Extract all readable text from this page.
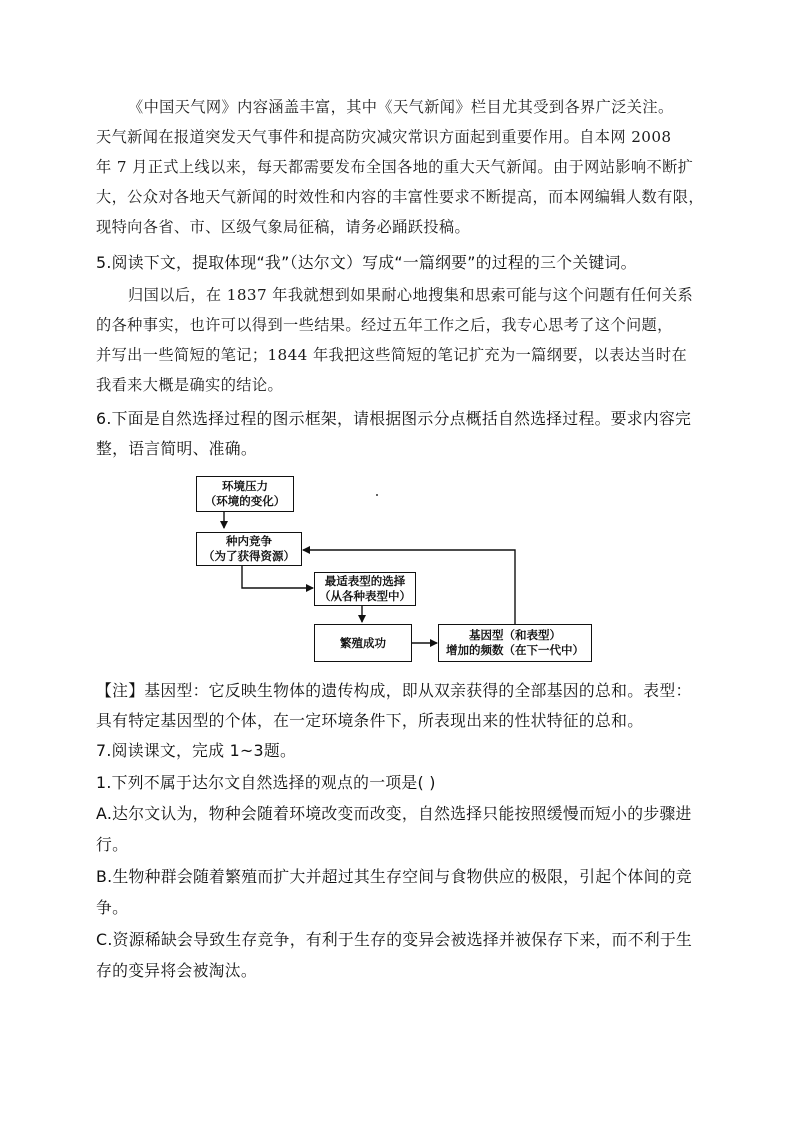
《中国天气网》内容涵盖丰富，其中《天气新闻》栏目尤其受到各界广泛关注。
天气新闻在报道突发天气事件和提高防灾减灾常识方面起到重要作用。自本网 2008
年 7 月正式上线以来，每天都需要发布全国各地的重大天气新闻。由于网站影响不断扩
大，公众对各地天气新闻的时效性和内容的丰富性要求不断提高，而本网编辑人数有限，
现特向各省、市、区级气象局征稿，请务必踊跃投稿。
5.阅读下文，提取体现“我”（达尔文）写成“一篇纲要”的过程的三个关键词。
归国以后，在 1837 年我就想到如果耐心地搜集和思索可能与这个问题有任何关系
的各种事实，也许可以得到一些结果。经过五年工作之后，我专心思考了这个问题，
并写出一些简短的笔记；1844 年我把这些简短的笔记扩充为一篇纲要，以表达当时在
我看来大概是确实的结论。
6.下面是自然选择过程的图示框架，请根据图示分点概括自然选择过程。要求内容完
整，语言简明、准确。
环境压力
（环境的变化）
种内竞争
（为了获得资源）
最适表型的选择
（从各种表型中）
繁殖成功
基因型（和表型）
增加的频数（在下一代中）
【注】基因型：它反映生物体的遗传构成，即从双亲获得的全部基因的总和。表型：
具有特定基因型的个体，在一定环境条件下，所表现出来的性状特征的总和。
7.阅读课文，完成 1~3题。
1.下列不属于达尔文自然选择的观点的一项是( )
A.达尔文认为，物种会随着环境改变而改变，自然选择只能按照缓慢而短小的步骤进
行。
B.生物种群会随着繁殖而扩大并超过其生存空间与食物供应的极限，引起个体间的竞
争。
C.资源稀缺会导致生存竞争，有利于生存的变异会被选择并被保存下来，而不利于生
存的变异将会被淘汰。
